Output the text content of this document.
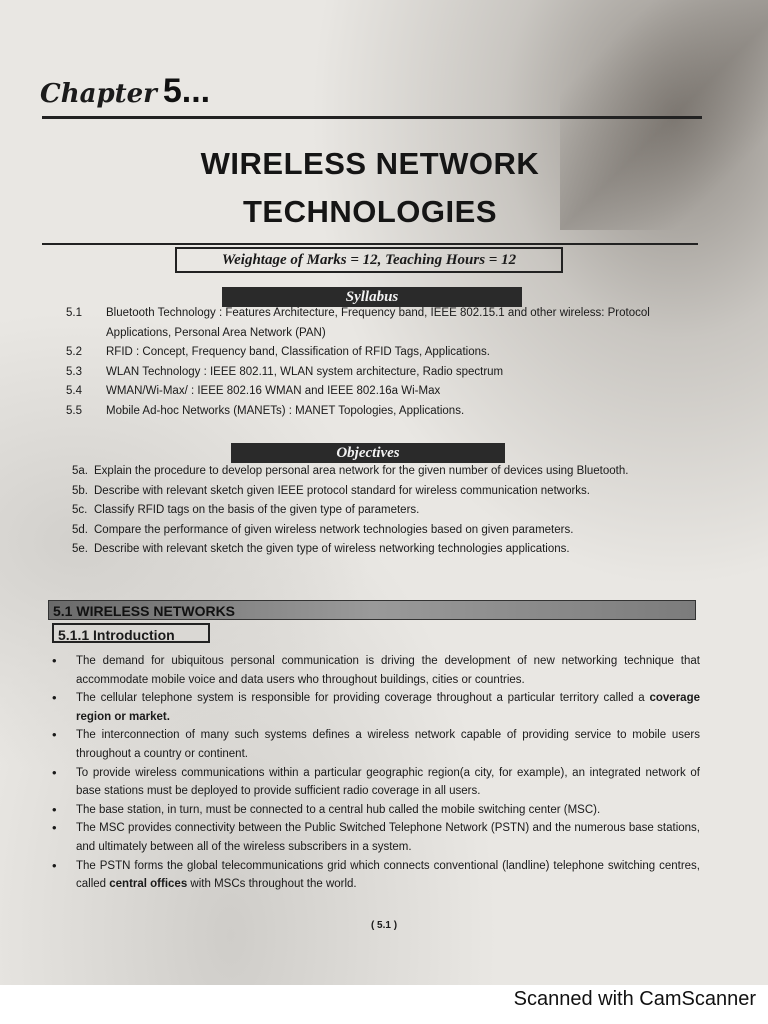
Chapter 5...
WIRELESS NETWORK
TECHNOLOGIES
Weightage of Marks = 12, Teaching Hours = 12
Syllabus
5.1	Bluetooth Technology : Features Architecture, Frequency band, IEEE 802.15.1 and other wireless: Protocol Applications, Personal Area Network (PAN)
5.2	RFID : Concept, Frequency band, Classification of RFID Tags, Applications.
5.3	WLAN Technology : IEEE 802.11, WLAN system architecture, Radio spectrum
5.4	WMAN/Wi-Max/ : IEEE 802.16 WMAN and IEEE 802.16a Wi-Max
5.5	Mobile Ad-hoc Networks (MANETs) : MANET Topologies, Applications.
Objectives
5a. Explain the procedure to develop personal area network for the given number of devices using Bluetooth.
5b. Describe with relevant sketch given IEEE protocol standard for wireless communication networks.
5c. Classify RFID tags on the basis of the given type of parameters.
5d. Compare the performance of given wireless network technologies based on given parameters.
5e. Describe with relevant sketch the given type of wireless networking technologies applications.
5.1 WIRELESS NETWORKS
5.1.1 Introduction
•	The demand for ubiquitous personal communication is driving the development of new networking technique that accommodate mobile voice and data users who throughout buildings, cities or countries.
•	The cellular telephone system is responsible for providing coverage throughout a particular territory called a coverage region or market.
•	The interconnection of many such systems defines a wireless network capable of providing service to mobile users throughout a country or continent.
•	To provide wireless communications within a particular geographic region(a city, for example), an integrated network of base stations must be deployed to provide sufficient radio coverage in all users.
•	The base station, in turn, must be connected to a central hub called the mobile switching center (MSC).
•	The MSC provides connectivity between the Public Switched Telephone Network (PSTN) and the numerous base stations, and ultimately between all of the wireless subscribers in a system.
•	The PSTN forms the global telecommunications grid which connects conventional (landline) telephone switching centres, called central offices with MSCs throughout the world.
( 5.1 )
Scanned with CamScanner
